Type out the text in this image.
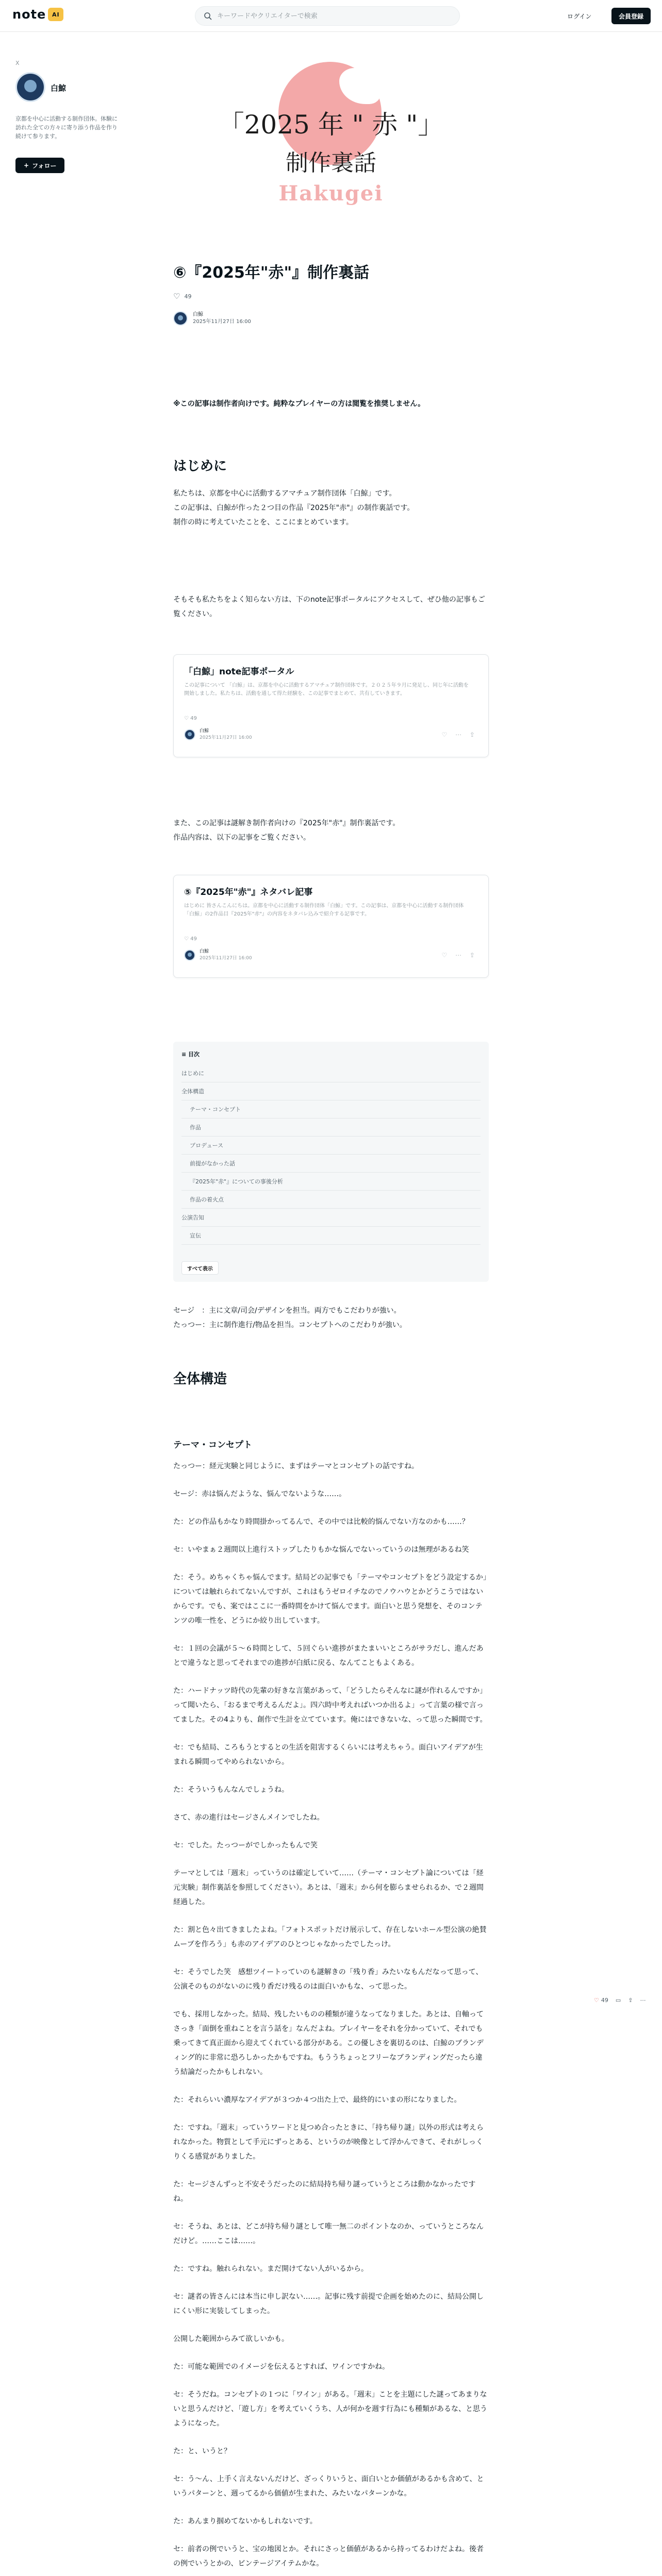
note	AI
キーワードやクリエイターで検索	ログイン	会員登録
X
白鯨
京都を中心に活動する制作団体。体験に訪れた全ての方々に寄り添う作品を作り続けて参ります。
+ フォロー
「2025 年 " 赤 "」
制作裏話
Hakugei
⑥『2025年"赤"』制作裏話
♡ 49
白鯨
2025年11月27日 16:00
※この記事は制作者向けです。純粋なプレイヤーの方は閲覧を推奨しません。
はじめに
私たちは、京都を中心に活動するアマチュア制作団体「白鯨」です。
この記事は、白鯨が作った２つ目の作品『2025年"赤"』の制作裏話です。
制作の時に考えていたことを、ここにまとめています。
そもそも私たちをよく知らない方は、下のnote記事ポータルにアクセスして、ぜひ他の記事もご覧ください。
「白鯨」note記事ポータル
この記事について 「白鯨」は、京都を中心に活動するアマチュア制作団体です。２０２５年９月に発足し、同じ年に活動を開始しました。私たちは、活動を通して得た経験を、この記事でまとめて、共有していきます。
♡ 49
白鯨
2025年11月27日 16:00	♡ ⋯ ⇪
また、この記事は謎解き制作者向けの『2025年"赤"』制作裏話です。
作品内容は、以下の記事をご覧ください。
⑤『2025年"赤"』ネタバレ記事
はじめに 皆さんこんにちは。京都を中心に活動する制作団体「白鯨」です。この記事は、京都を中心に活動する制作団体「白鯨」の2作品目『2025年"赤"』の内容をネタバレ込みで紹介する記事です。
♡ 49
白鯨
2025年11月27日 16:00	♡ ⋯ ⇪
≡ 目次
はじめに
全体構造
テーマ・コンセプト
作品
プロデュース
前提がなかった話
『2025年"赤"』についての事後分析
作品の着火点
公演告知
宣伝
すべて表示
セージ　：主に文章/司会/デザインを担当。両方でもこだわりが強い。
たっつー：主に制作進行/物品を担当。コンセプトへのこだわりが強い。
全体構造
テーマ・コンセプト
たっつー：経元実験と同じように、まずはテーマとコンセプトの話ですね。
セージ：赤は悩んだような、悩んでないような……。
た：どの作品もかなり時間掛かってるんで、その中では比較的悩んでない方なのかも……？
セ：いやまぁ２週間以上進行ストップしたりもかな悩んでないっていうのは無理があるね笑
た：そう。めちゃくちゃ悩んでます。結局どの記事でも「テーマやコンセプトをどう設定するか」については触れられてないんですが、これはもうゼロイチなのでノウハウとかどうこうではないからです。でも、案ではここに一番時間をかけて悩んでます。面白いと思う発想を、そのコンテンツの唯一性を、どうにか絞り出しています。
セ：１回の会議が５〜６時間として、５回ぐらい進捗がまたまいいところがサラだし、進んだあとで違うなと思ってそれまでの進捗が白紙に戻る、なんてこともよくある。
た：ハードナッツ時代の先輩の好きな言葉があって、「どうしたらそんなに謎が作れるんですか」って聞いたら、「おるまで考えるんだよ」。四六時中考えればいつか出るよ」って言葉の様で言ってました。その4よりも、創作で生計を立てています。俺にはできないな、って思った瞬間です。
セ：でも結局、ころもうとするとの生活を阻害するくらいには考えちゃう。面白いアイデアが生まれる瞬間ってやめられないから。
た：そういうもんなんでしょうね。
さて、赤の進行はセージさんメインでしたね。
セ：でした。たっつーがでしかったもんで笑
テーマとしては「週末」っていうのは確定していて……（テーマ・コンセプト論については「経元実験」制作裏話を参照してください）。あとは、「週末」から何を膨らませられるか、で２週間経過した。
た：割と色々出てきましたよね。「フォトスポットだけ展示して、存在しないホール型公演の絶賛ムーブを作ろう」も赤のアイデアのひとつじゃなかったでしたっけ。
セ：そうでした笑　感想ツイートっていのも謎解きの「残り香」みたいなもんだなって思って、公演そのものがないのに残り香だけ残るのは面白いかもな、って思った。
でも、採用しなかった。結局、残したいものの種類が違うなってなりました。あとは、自軸ってさっき「面倒を重ねことを言う話を」なんだよね。プレイヤーをそれを分かっていて、それでも乗ってきて真正面から迎えてくれている部分がある。この優しさを裏切るのは、白鯨のブランディング的に非常に恐ろしかったかもですね。もううちょっとフリーなブランディングだったら違う結論だったかもしれない。
た：それらいい濃厚なアイデアが３つか４つ出た上で、最終的にいまの形になりました。
た：ですね。「週末」っていうワードと見つめ合ったときに、「持ち帰り謎」以外の形式は考えられなかった。物質として手元にずっとある、というのが映像として浮かんできて、それがしっくりくる感覚がありました。
た：セージさんずっと不安そうだったのに結局持ち帰り謎っていうところは動かなかったですね。
セ：そうね、あとは、どこが持ち帰り謎として唯一無二のポイントなのか、っていうところなんだけど。……ここは……。
た：ですね。触れられない。まだ開けてない人がいるから。
セ：謎者の皆さんには本当に申し訳ない……。記事に残す前提で企画を始めたのに、結局公開しにくい形に実装してしまった。
公開した範囲からみて欲しいかも。
た：可能な範囲でのイメージを伝えるとすれば、ワインですかね。
セ：そうだね。コンセプトの１つに「ワイン」がある。「週末」ことを主題にした謎ってあまりないと思うんだけど、「遊し方」を考えていくうち、人が何かを週す行為にも種類があるな、と思うようになった。
た：と、いうと？
セ：う〜ん、上手く言えないんだけど、ざっくりいうと、面白いとか価値があるかも含めて、というパターンと、週ってるから価値が生まれた、みたいなパターンかな。
た：あんまり掴めてないかもしれないです。
セ：前者の例でいうと、宝の地図とか。それにさっと価値があるから持ってるわけだよね。後者の例でいうとかの、ビンテージアイテムかな。
♡ 49 ▭ ⇪ ⋯
